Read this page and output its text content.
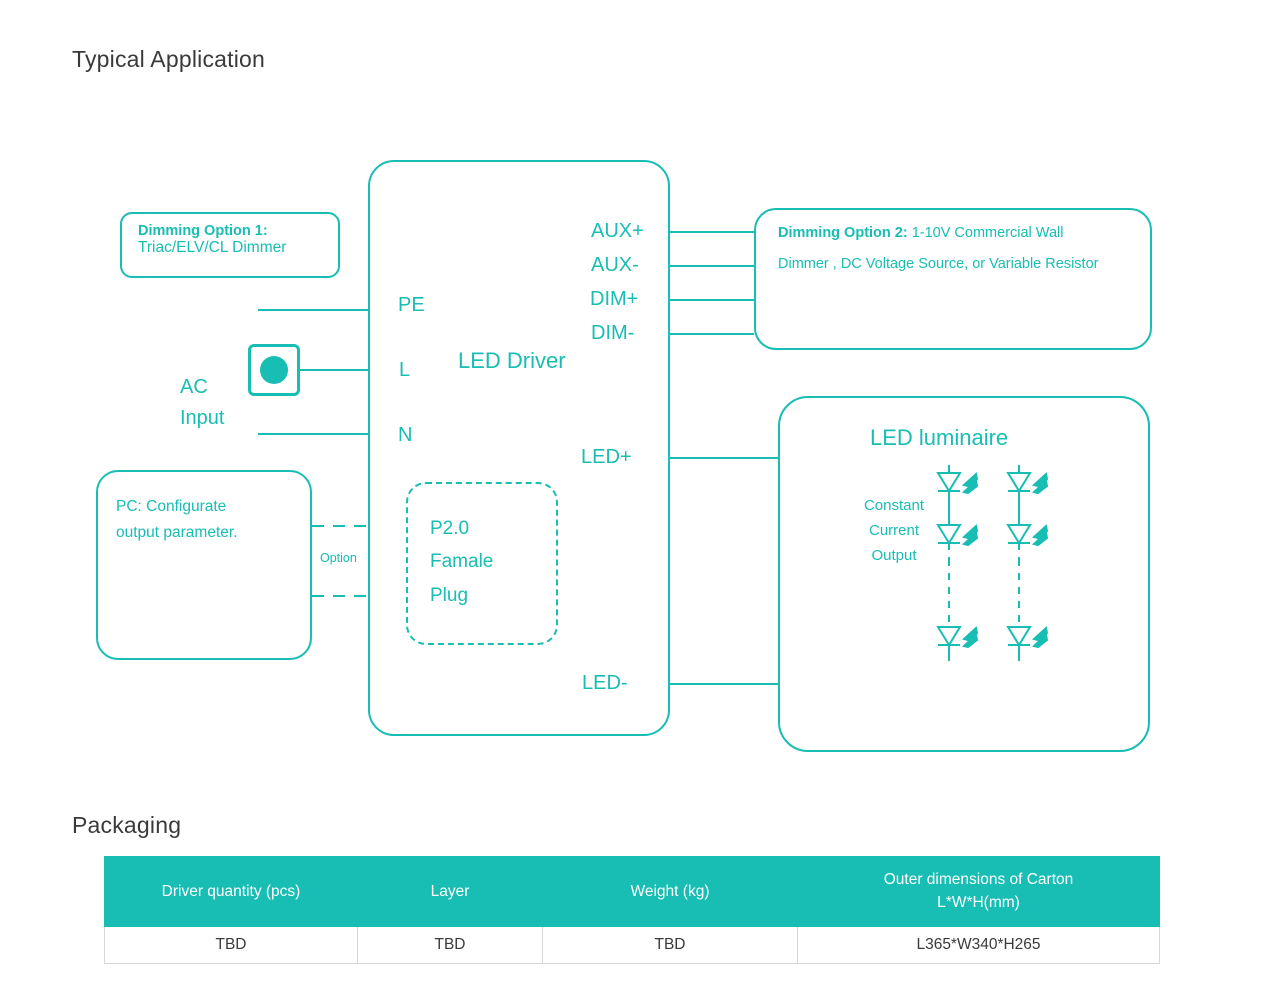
Typical Application
Packaging
LED Driver
PE
L
N
AUX+
AUX-
DIM+
DIM-
LED+
LED-
Dimming Option 1:
Triac/ELV/CL Dimmer
Dimming Option 2: 1-10V Commercial Wall
Dimmer , DC Voltage Source, or Variable Resistor
AC
Input
PC: Configurate
output parameter.
Option
P2.0
Famale
Plug
LED luminaire
Constant
Current
Output
Driver quantity (pcs)	Layer	Weight (kg)	Outer dimensions of Carton
L*W*H(mm)
TBD	TBD	TBD	L365*W340*H265
